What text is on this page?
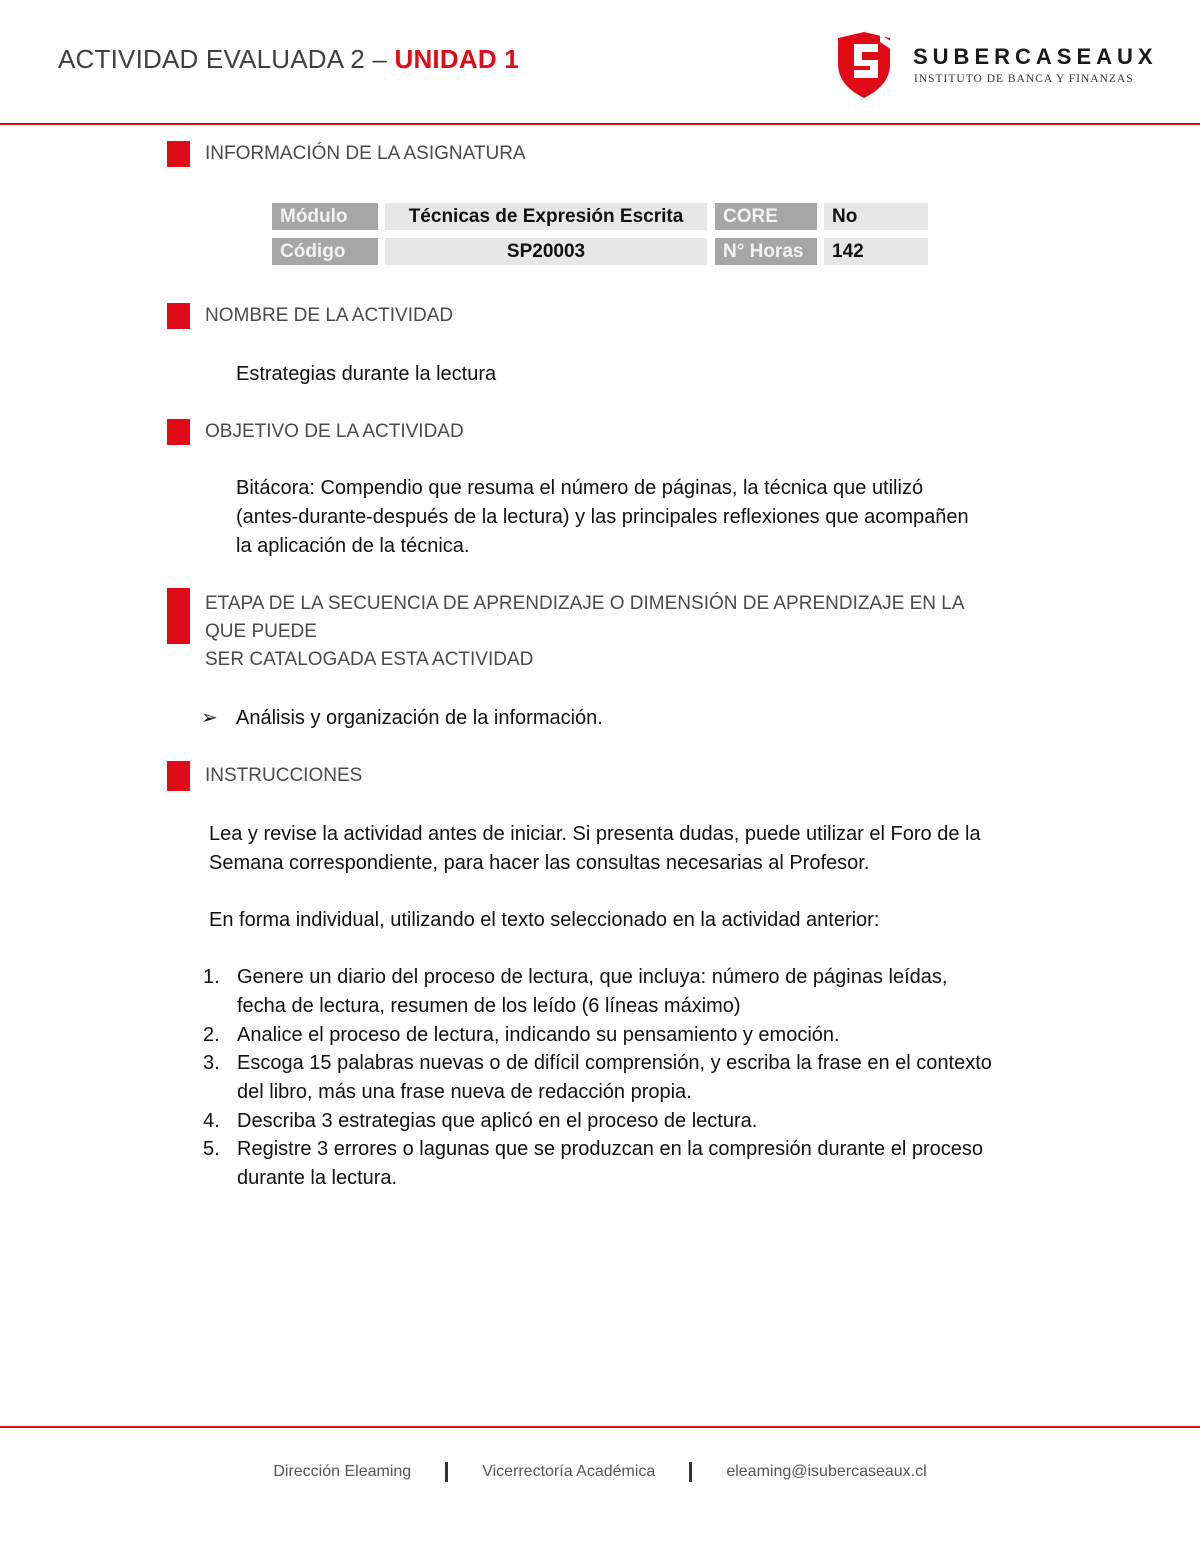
ACTIVIDAD EVALUADA 2 – UNIDAD 1	SUBERCASEAUX
INSTITUTO DE BANCA Y FINANZAS
INFORMACIÓN DE LA ASIGNATURA
Módulo	Técnicas de Expresión Escrita	CORE	No
Código	SP20003	N° Horas	142
NOMBRE DE LA ACTIVIDAD
Estrategias durante la lectura
OBJETIVO DE LA ACTIVIDAD
Bitácora: Compendio que resuma el número de páginas, la técnica que utilizó
(antes-durante-después de la lectura) y las principales reflexiones que acompañen
la aplicación de la técnica.
ETAPA DE LA SECUENCIA DE APRENDIZAJE O DIMENSIÓN DE APRENDIZAJE EN LA
QUE PUEDE
SER CATALOGADA ESTA ACTIVIDAD
➢ Análisis y organización de la información.
INSTRUCCIONES
Lea y revise la actividad antes de iniciar. Si presenta dudas, puede utilizar el Foro de la
Semana correspondiente, para hacer las consultas necesarias al Profesor.
En forma individual, utilizando el texto seleccionado en la actividad anterior:
1. Genere un diario del proceso de lectura, que incluya: número de páginas leídas,
fecha de lectura, resumen de los leído (6 líneas máximo)
2. Analice el proceso de lectura, indicando su pensamiento y emoción.
3. Escoga 15 palabras nuevas o de difícil comprensión, y escriba la frase en el contexto
del libro, más una frase nueva de redacción propia.
4. Describa 3 estrategias que aplicó en el proceso de lectura.
5. Registre 3 errores o lagunas que se produzcan en la compresión durante el proceso
durante la lectura.
Dirección Eleaming	Vicerrectoría Académica	eleaming@isubercaseaux.cl
